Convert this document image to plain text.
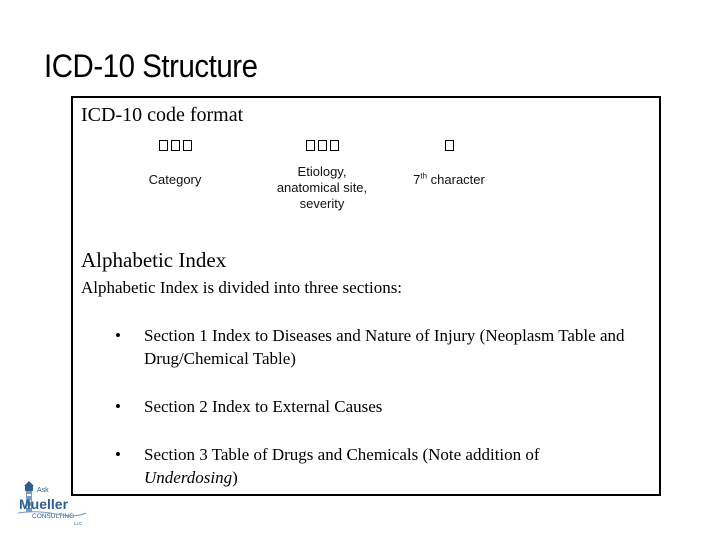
ICD-10 Structure
ICD-10 code format
Category
Etiology,
anatomical site,
severity
7th character
Alphabetic Index
Alphabetic Index is divided into three sections:
• Section 1 Index to Diseases and Nature of Injury (Neoplasm Table and Drug/Chemical Table)
• Section 2 Index to External Causes
• Section 3 Table of Drugs and Chemicals (Note addition of Underdosing)
Ask
Mueller
CONSULTING
LLC
